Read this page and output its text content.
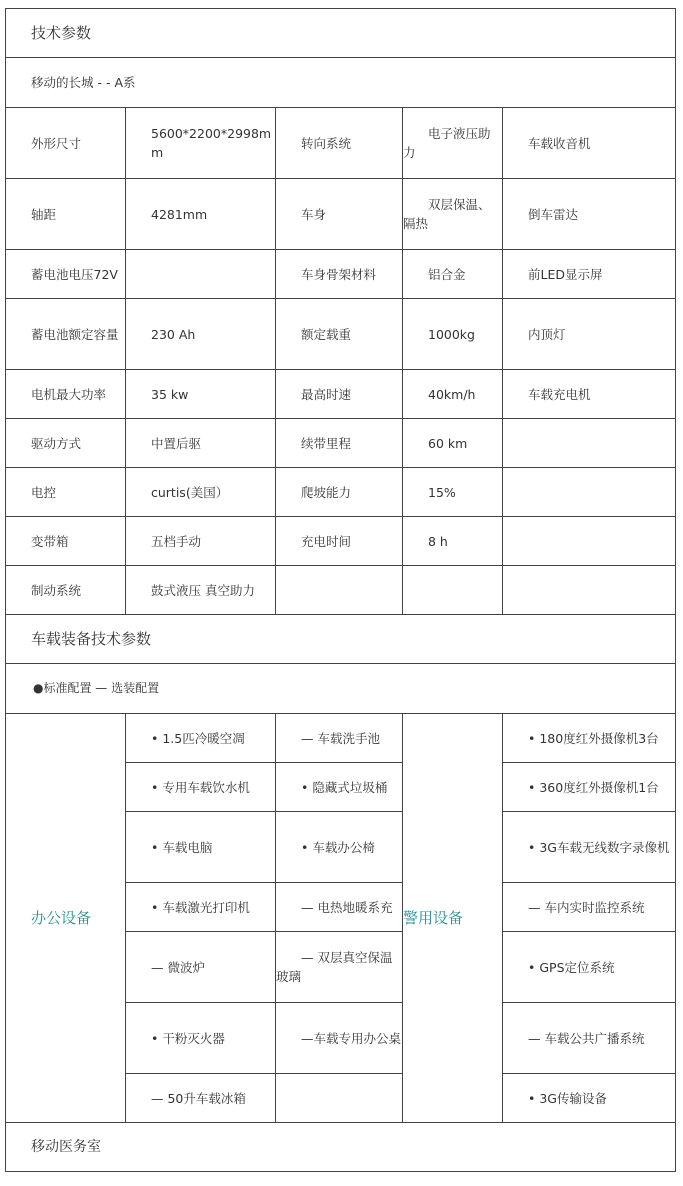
技术参数				
移动的长城 - - A系				
外形尺寸	5600*2200*2998mm	转向系统	电子液压助力	车载收音机
轴距	4281mm	车身	双层保温、隔热	倒车雷达
蓄电池电压72V		车身骨架材料	铝合金	前LED显示屏
蓄电池额定容量	230 Ah	额定载重	1000kg	内顶灯
电机最大功率	35 kw	最高时速	40km/h	车载充电机
驱动方式	中置后驱	续带里程	60 km	
电控	curtis(美国）	爬坡能力	15%	
变带箱	五档手动	充电时间	8 h	
制动系统	鼓式液压 真空助力			
车载装备技术参数				
●标准配置 — 选装配置				
办公设备	• 1.5匹冷暖空凋	— 车载洗手池	警用设备	• 180度红外摄像机3台
	• 专用车载饮水机	• 隐藏式垃圾桶		• 360度红外摄像机1台
	• 车载电脑	• 车载办公椅		• 3G车载无线数字录像机
	• 车载激光打印机	— 电热地暖系充		— 车内实时监控系统
	— 微波炉	— 双层真空保温玻璃		• GPS定位系统
	• 干粉灭火器	—车载专用办公桌		— 车载公共广播系统
	— 50升车载冰箱			• 3G传输设备
移动医务室				
